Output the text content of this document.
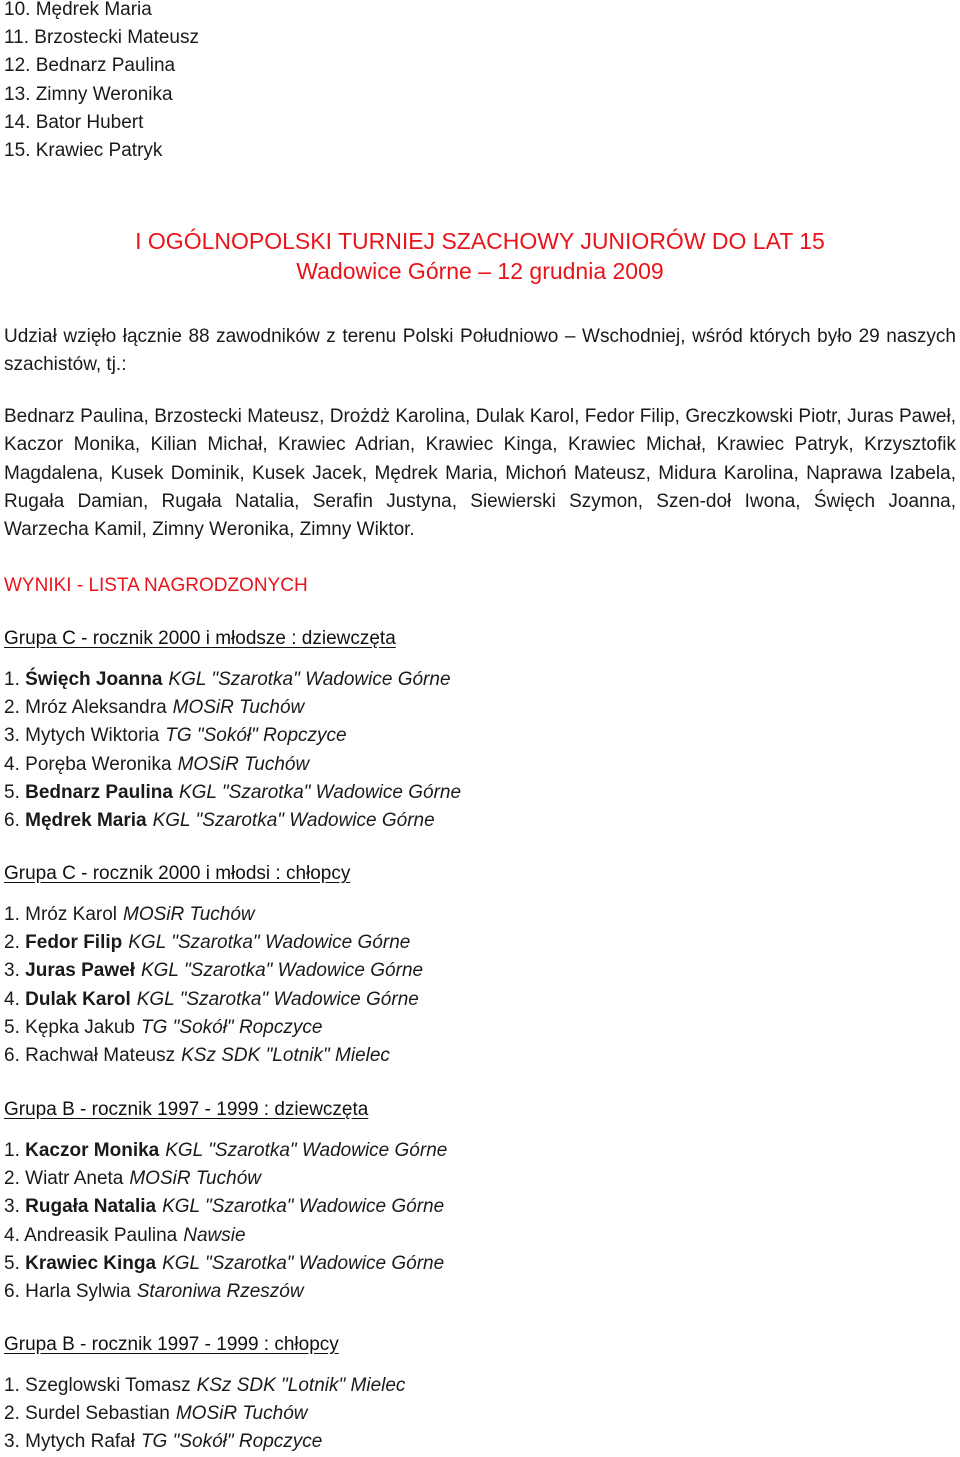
10. Mędrek Maria
11. Brzostecki Mateusz
12. Bednarz Paulina
13. Zimny Weronika
14. Bator Hubert
15. Krawiec Patryk
I OGÓLNOPOLSKI TURNIEJ SZACHOWY JUNIORÓW DO LAT 15
Wadowice Górne – 12 grudnia 2009
Udział wzięło łącznie 88 zawodników z terenu Polski Południowo – Wschodniej, wśród których było 29 naszych szachistów, tj.:
Bednarz Paulina, Brzostecki Mateusz, Drożdż Karolina, Dulak Karol, Fedor Filip, Greczkowski Piotr, Juras Paweł, Kaczor Monika, Kilian Michał, Krawiec Adrian, Krawiec Kinga, Krawiec Michał, Krawiec Patryk, Krzysztofik Magdalena, Kusek Dominik, Kusek Jacek, Mędrek Maria, Michoń Mateusz, Midura Karolina, Naprawa Izabela, Rugała Damian, Rugała Natalia, Serafin Justyna, Siewierski Szymon, Szen-doł Iwona, Święch Joanna, Warzecha Kamil, Zimny Weronika, Zimny Wiktor.
WYNIKI - LISTA NAGRODZONYCH
Grupa C - rocznik 2000 i młodsze : dziewczęta
1. Święch Joanna KGL "Szarotka" Wadowice Górne
2. Mróz Aleksandra MOSiR Tuchów
3. Mytych Wiktoria TG "Sokół" Ropczyce
4. Poręba Weronika MOSiR Tuchów
5. Bednarz Paulina KGL "Szarotka" Wadowice Górne
6. Mędrek Maria KGL "Szarotka" Wadowice Górne
Grupa C - rocznik 2000 i młodsi : chłopcy
1. Mróz Karol MOSiR Tuchów
2. Fedor Filip KGL "Szarotka" Wadowice Górne
3. Juras Paweł KGL "Szarotka" Wadowice Górne
4. Dulak Karol KGL "Szarotka" Wadowice Górne
5. Kępka Jakub TG "Sokół" Ropczyce
6. Rachwał Mateusz KSz SDK "Lotnik" Mielec
Grupa B - rocznik 1997 - 1999 : dziewczęta
1. Kaczor Monika KGL "Szarotka" Wadowice Górne
2. Wiatr Aneta MOSiR Tuchów
3. Rugała Natalia KGL "Szarotka" Wadowice Górne
4. Andreasik Paulina Nawsie
5. Krawiec Kinga KGL "Szarotka" Wadowice Górne
6. Harla Sylwia Staroniwa Rzeszów
Grupa B - rocznik 1997 - 1999 : chłopcy
1. Szeglowski Tomasz KSz SDK "Lotnik" Mielec
2. Surdel Sebastian MOSiR Tuchów
3. Mytych Rafał TG "Sokół" Ropczyce
